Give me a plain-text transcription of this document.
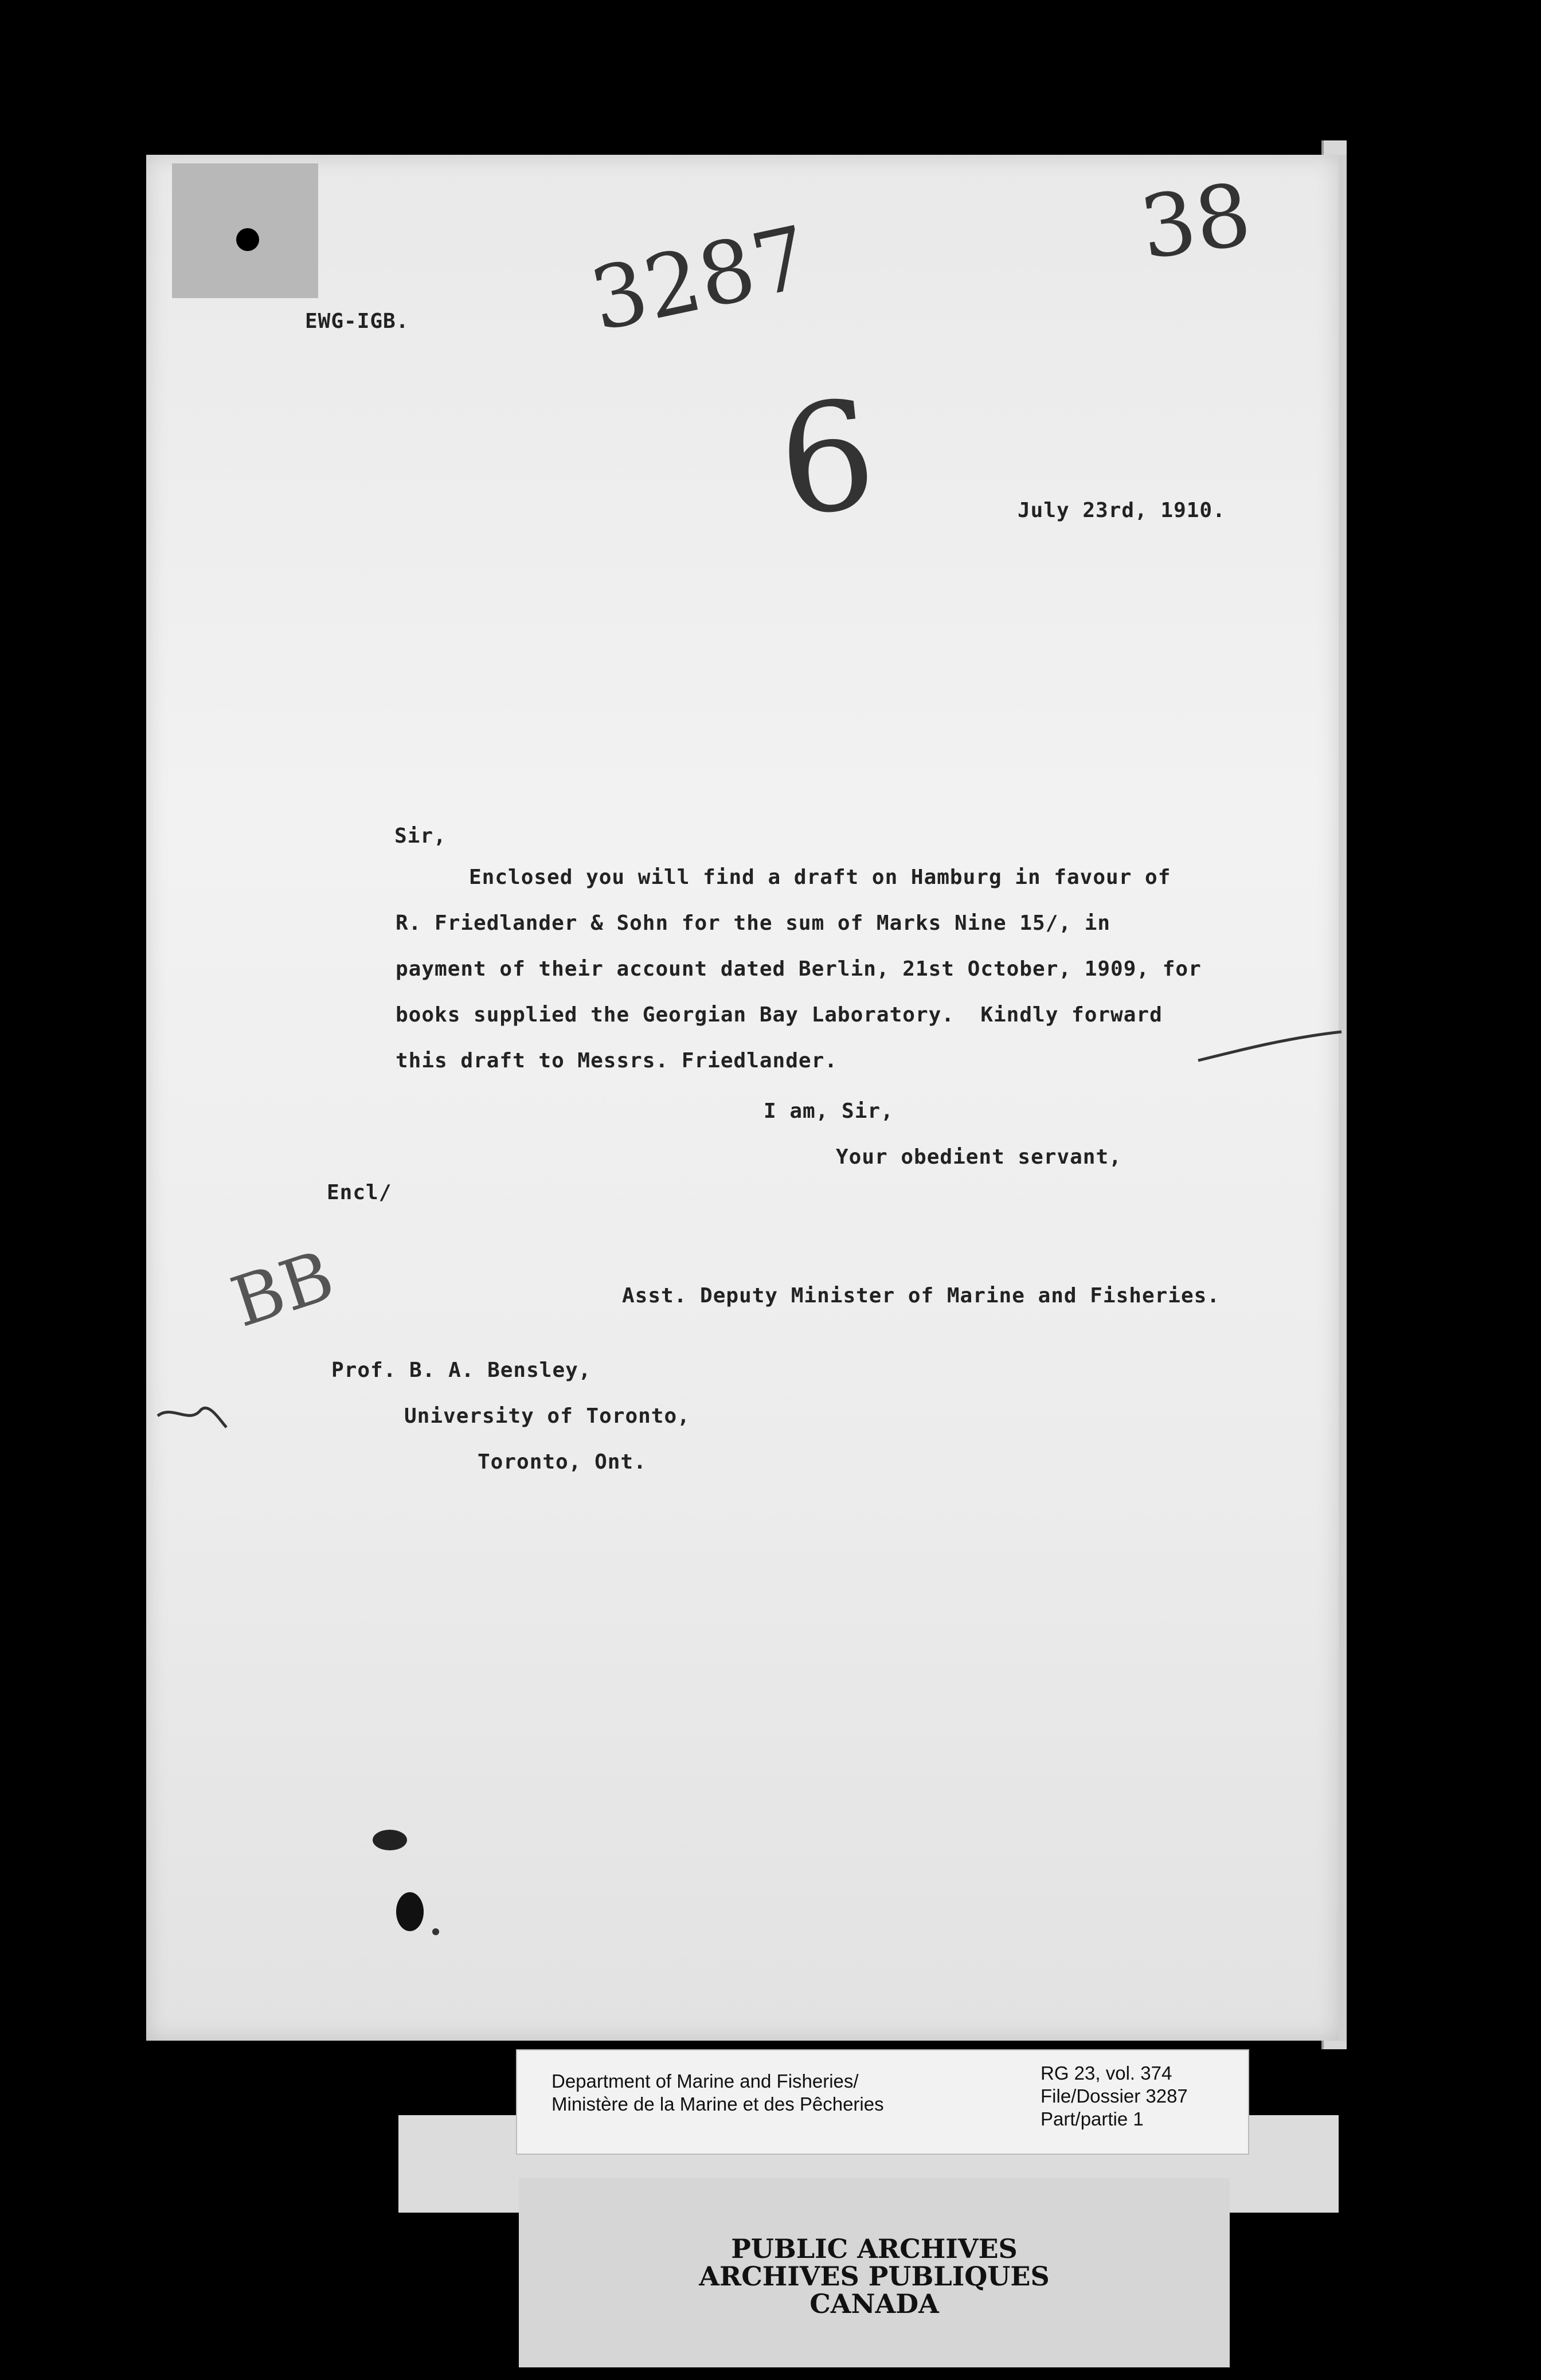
3287	38

6

BB

EWG-IGB.

July 23rd, 1910.

Sir,

Enclosed you will find a draft on Hamburg in favour of

R. Friedlander & Sohn for the sum of Marks Nine 15/, in

payment of their account dated Berlin, 21st October, 1909, for

books supplied the Georgian Bay Laboratory.  Kindly forward

this draft to Messrs. Friedlander.

I am, Sir,

Your obedient servant,

Encl/

Asst. Deputy Minister of Marine and Fisheries.

Prof. B. A. Bensley,

University of Toronto,

Toronto, Ont.

Department of Marine and Fisheries/

Ministère de la Marine et des Pêcheries

RG 23, vol. 374

File/Dossier 3287

Part/partie 1

PUBLIC ARCHIVES

ARCHIVES PUBLIQUES

CANADA
